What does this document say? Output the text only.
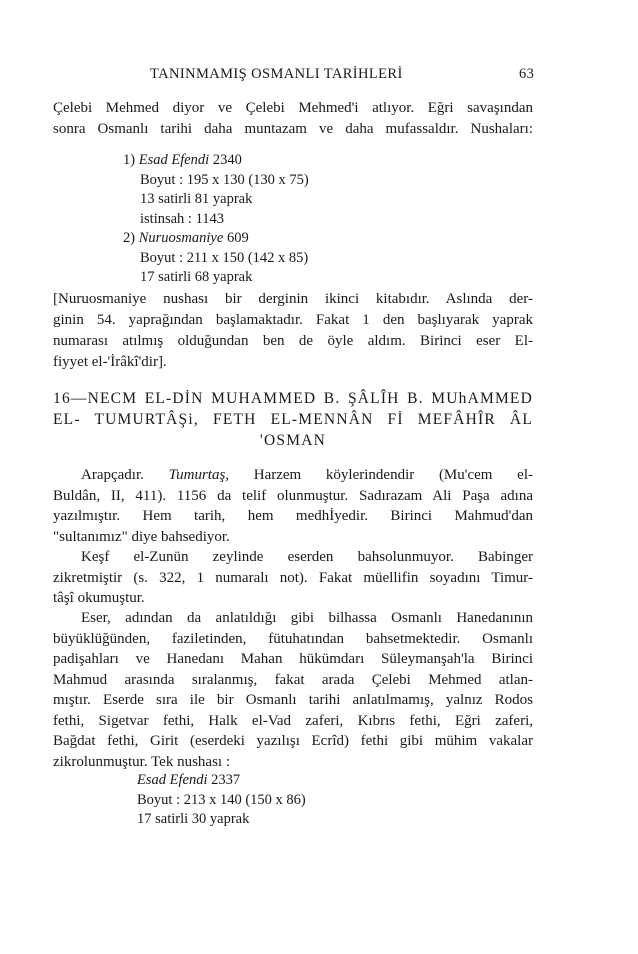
TANINMAMIŞ OSMANLI TARİHLERİ	63
Çelebi Mehmed diyor ve Çelebi Mehmed'i atlıyor. Eğri savaşından
sonra Osmanlı tarihi daha muntazam ve daha mufassaldır. Nushaları:
1) Esad Efendi 2340
Boyut : 195 x 130 (130 x 75)
13 satirli 81 yaprak
istinsah : 1143
2) Nuruosmaniye 609
Boyut : 211 x 150 (142 x 85)
17 satirli 68 yaprak
[Nuruosmaniye nushası bir derginin ikinci kitabıdır. Aslında der-
ginin 54. yaprağından başlamaktadır. Fakat 1 den başlıyarak yaprak
numarası atılmış olduğundan ben de öyle aldım. Birinci eser El-
fiyyet el-'İrâkî'dir].
16—NECM EL-DİN MUHAMMED B. ŞÂLÎH B. MUhAMMED
EL- TUMURTÂŞi, FETH EL-MENNÂN Fİ MEFÂHÎR ÂL
'OSMAN
Arapçadır. Tumurtaş, Harzem köylerindendir (Mu'cem el-
Buldân, II, 411). 1156 da telif olunmuştur. Sadırazam Ali Paşa adına
yazılmıştır. Hem tarih, hem medhİyedir. Birinci Mahmud'dan
"sultanımız" diye bahsediyor.
Keşf el-Zunün zeylinde eserden bahsolunmuyor. Babinger
zikretmiştir (s. 322, 1 numaralı not). Fakat müellifin soyadını Timur-
tâşî okumuştur.
Eser, adından da anlatıldığı gibi bilhassa Osmanlı Hanedanının
büyüklüğünden, faziletinden, fütuhatından bahsetmektedir. Osmanlı
padişahları ve Hanedanı Mahan hükümdarı Süleymanşah'la Birinci
Mahmud arasında sıralanmış, fakat arada Çelebi Mehmed atlan-
mıştır. Eserde sıra ile bir Osmanlı tarihi anlatılmamış, yalnız Rodos
fethi, Sigetvar fethi, Halk el-Vad zaferi, Kıbrıs fethi, Eğri zaferi,
Bağdat fethi, Girit (eserdeki yazılışı Ecrîd) fethi gibi mühim vakalar
zikrolunmuştur. Tek nushası :
Esad Efendi 2337
Boyut : 213 x 140 (150 x 86)
17 satirli 30 yaprak
